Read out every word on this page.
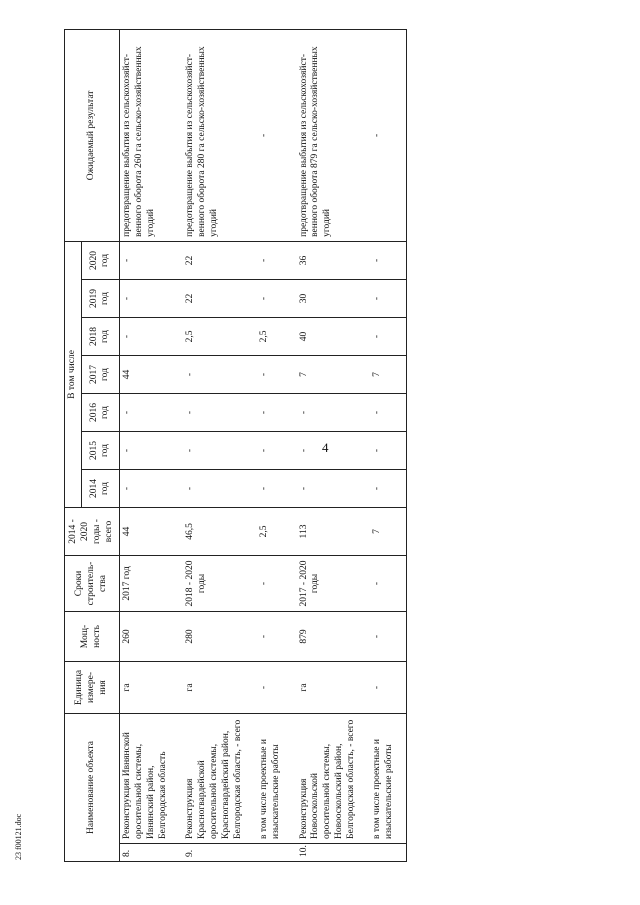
4
23 f00121.doc
Наименование объекта		Единица измере-ния	Мощ-ность	Сроки строитель-ства	2014 - 2020 годы - всего	В том числе							Ожидаемый результат
						2014 год	2015 год	2016 год	2017 год	2018 год	2019 год	2020 год	
8.	Реконструкция Ивнянской оросительной системы, Ивнянский район, Белгородская область	га	260	2017 год	44	-	-	-	44	-	-	-	предотвращение выбытия из сельскохозяйст-венного оборота 260 га сельско-хозяйственных угодий
9.	Реконструкция Красногвардейской оросительной системы, Красногвардейский район, Белгородская область, - всего	га	280	2018 - 2020 годы	46,5	-	-	-	-	2,5	22	22	предотвращение выбытия из сельскохозяйст-венного оборота 280 га сельско-хозяйственных угодий
	в том числе проектные и изыскательские работы	-	-	-	2,5	-	-	-	-	2,5	-	-	-
10.	Реконструкция Новооскольской оросительной системы, Новооскольский район, Белгородская область, - всего	га	879	2017 - 2020 годы	113	-	-	-	7	40	30	36	предотвращение выбытия из сельскохозяйст-венного оборота 879 га сельско-хозяйственных угодий
	в том числе проектные и изыскательские работы	-	-	-	7	-	-	-	7	-	-	-	-
